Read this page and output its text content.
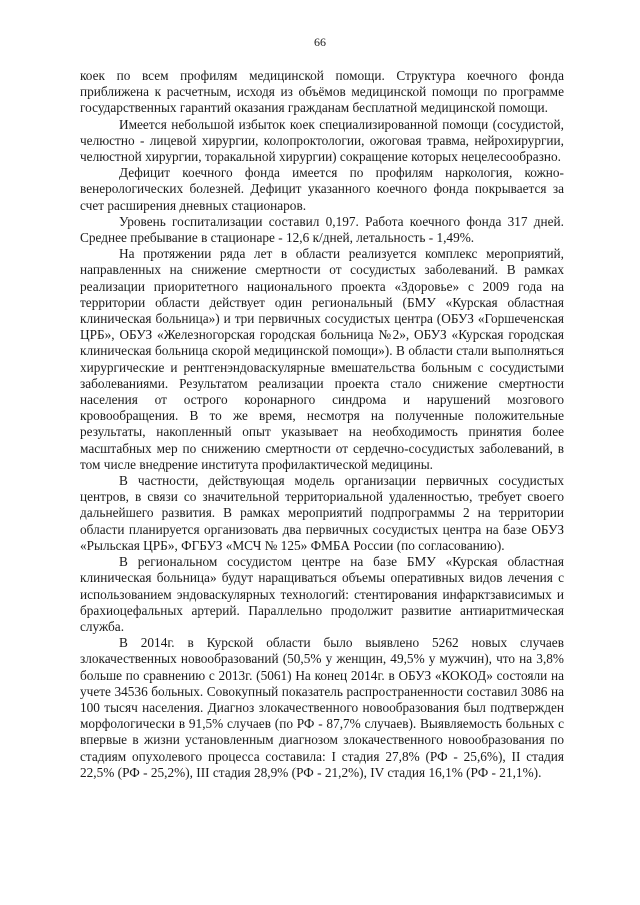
66

коек по всем профилям медицинской помощи. Структура коечного фонда приближена к расчетным, исходя из объёмов медицинской помощи по программе государственных гарантий оказания гражданам бесплатной медицинской помощи.

Имеется небольшой избыток коек специализированной помощи (сосудистой, челюстно - лицевой хирургии, колопроктологии, ожоговая травма, нейрохирургии, челюстной хирургии, торакальной хирургии) сокращение которых нецелесообразно.

Дефицит коечного фонда имеется по профилям наркология, кожно-венерологических болезней. Дефицит указанного коечного фонда покрывается за счет расширения дневных стационаров.

Уровень госпитализации составил 0,197. Работа коечного фонда 317 дней. Среднее пребывание в стационаре - 12,6 к/дней, летальность - 1,49%.

На протяжении ряда лет в области реализуется комплекс мероприятий, направленных на снижение смертности от сосудистых заболеваний. В рамках реализации приоритетного национального проекта «Здоровье» с 2009 года на территории области действует один региональный (БМУ «Курская областная клиническая больница») и три первичных сосудистых центра (ОБУЗ «Горшеченская ЦРБ», ОБУЗ «Железногорская городская больница №2», ОБУЗ «Курская городская клиническая больница скорой медицинской помощи»). В области стали выполняться хирургические и рентгенэндоваскулярные вмешательства больным с сосудистыми заболеваниями. Результатом реализации проекта стало снижение смертности населения от острого коронарного синдрома и нарушений мозгового кровообращения. В то же время, несмотря на полученные положительные результаты, накопленный опыт указывает на необходимость принятия более масштабных мер по снижению смертности от сердечно-сосудистых заболеваний, в том числе внедрение института профилактической медицины.

В частности, действующая модель организации первичных сосудистых центров, в связи со значительной территориальной удаленностью, требует своего дальнейшего развития. В рамках мероприятий подпрограммы 2 на территории области планируется организовать два первичных сосудистых центра на базе ОБУЗ «Рыльская ЦРБ», ФГБУЗ «МСЧ № 125» ФМБА России (по согласованию).

В региональном сосудистом центре на базе БМУ «Курская областная клиническая больница» будут наращиваться объемы оперативных видов лечения с использованием эндоваскулярных технологий: стентирования инфарктзависимых и брахиоцефальных артерий. Параллельно продолжит развитие антиаритмическая служба.

В 2014г. в Курской области было выявлено 5262 новых случаев злокачественных новообразований (50,5% у женщин, 49,5% у мужчин), что на 3,8% больше по сравнению с 2013г. (5061) На конец 2014г. в ОБУЗ «КОКОД» состояли на учете 34536 больных. Совокупный показатель распространенности составил 3086 на 100 тысяч населения. Диагноз злокачественного новообразования был подтвержден морфологически в 91,5% случаев (по РФ - 87,7% случаев). Выявляемость больных с впервые в жизни установленным диагнозом злокачественного новообразования по стадиям опухолевого процесса составила: I стадия 27,8% (РФ - 25,6%), II стадия 22,5% (РФ - 25,2%), III стадия 28,9% (РФ - 21,2%), IV стадия 16,1% (РФ - 21,1%).
